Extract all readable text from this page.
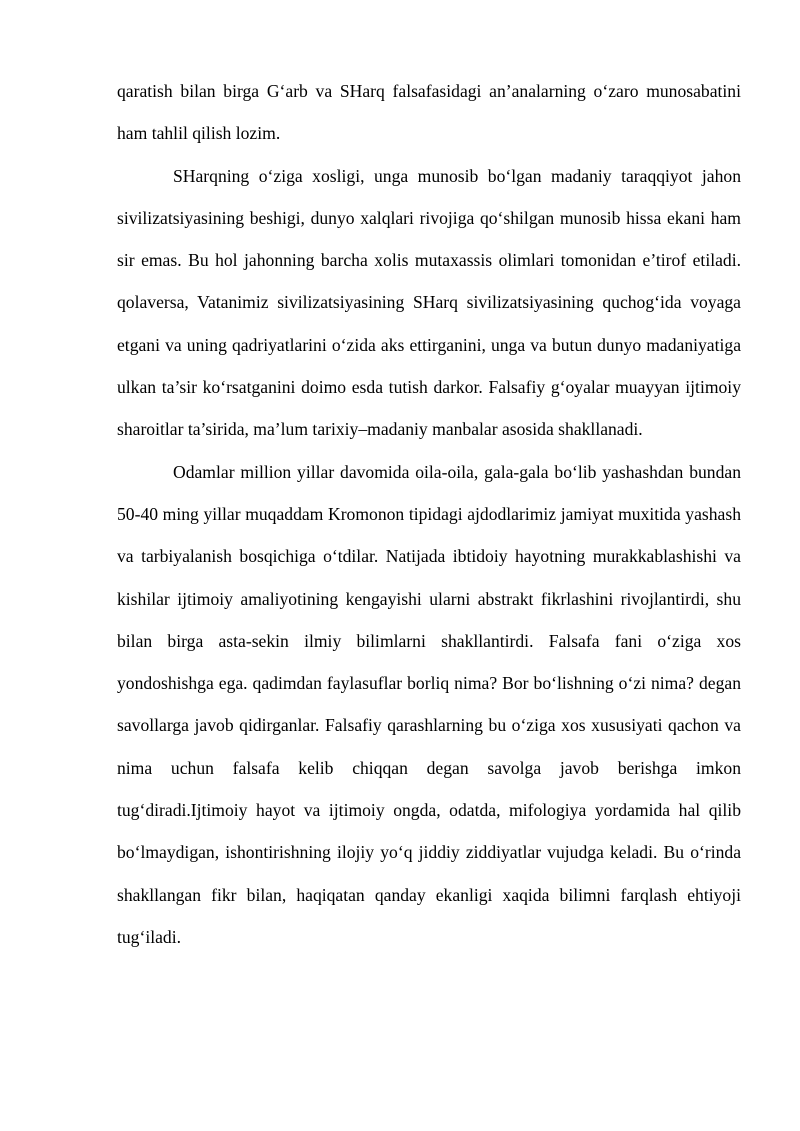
qaratish bilan birga G‘arb va SHarq falsafasidagi an’analarning o‘zaro munosabatini ham tahlil qilish lozim.

SHarqning o‘ziga xosligi, unga munosib bo‘lgan madaniy taraqqiyot jahon sivilizatsiyasining beshigi, dunyo xalqlari rivojiga qo‘shilgan munosib hissa ekani ham sir emas. Bu hol jahonning barcha xolis mutaxassis olimlari tomonidan e’tirof etiladi. qolaversa, Vatanimiz sivilizatsiyasining SHarq sivilizatsiyasining quchog‘ida voyaga etgani va uning qadriyatlarini o‘zida aks ettirganini, unga va butun dunyo madaniyatiga ulkan ta’sir ko‘rsatganini doimo esda tutish darkor. Falsafiy g‘oyalar muayyan ijtimoiy sharoitlar ta’sirida, ma’lum tarixiy–madaniy manbalar asosida shakllanadi.

Odamlar million yillar davomida oila-oila, gala-gala bo‘lib yashashdan bundan 50-40 ming yillar muqaddam Kromonon tipidagi ajdodlarimiz jamiyat muxitida yashash va tarbiyalanish bosqichiga o‘tdilar. Natijada ibtidoiy hayotning murakkablashishi va kishilar ijtimoiy amaliyotining kengayishi ularni abstrakt fikrlashini rivojlantirdi, shu bilan birga asta-sekin ilmiy bilimlarni shakllantirdi. Falsafa fani o‘ziga xos yondoshishga ega. qadimdan faylasuflar borliq nima? Bor bo‘lishning o‘zi nima? degan savollarga javob qidirganlar. Falsafiy qarashlarning bu o‘ziga xos xususiyati qachon va nima uchun falsafa kelib chiqqan degan savolga javob berishga imkon tug‘diradi.Ijtimoiy hayot va ijtimoiy ongda, odatda, mifologiya yordamida hal qilib bo‘lmaydigan, ishontirishning ilojiy yo‘q jiddiy ziddiyatlar vujudga keladi. Bu o‘rinda shakllangan fikr bilan, haqiqatan qanday ekanligi xaqida bilimni farqlash ehtiyoji tug‘iladi.
